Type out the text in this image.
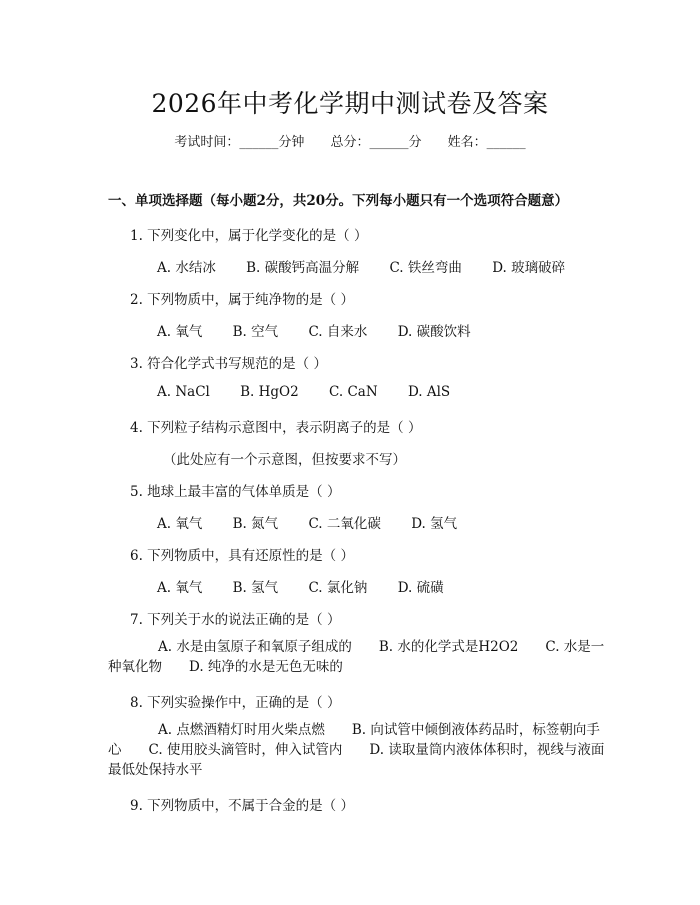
2026年中考化学期中测试卷及答案
考试时间：______分钟 总分：______分 姓名：______
一、单项选择题（每小题2分，共20分。下列每小题只有一个选项符合题意）
1. 下列变化中，属于化学变化的是（ ）
A. 水结冰 B. 碳酸钙高温分解 C. 铁丝弯曲 D. 玻璃破碎
2. 下列物质中，属于纯净物的是（ ）
A. 氧气 B. 空气 C. 自来水 D. 碳酸饮料
3. 符合化学式书写规范的是（ ）
A. NaCl B. HgO2 C. CaN D. AlS
4. 下列粒子结构示意图中，表示阴离子的是（ ）
（此处应有一个示意图，但按要求不写）
5. 地球上最丰富的气体单质是（ ）
A. 氧气 B. 氮气 C. 二氧化碳 D. 氢气
6. 下列物质中，具有还原性的是（ ）
A. 氧气 B. 氢气 C. 氯化钠 D. 硫磺
7. 下列关于水的说法正确的是（ ）
A. 水是由氢原子和氧原子组成的　　B. 水的化学式是H2O2　　C. 水是一种氧化物　　D. 纯净的水是无色无味的
8. 下列实验操作中，正确的是（ ）
A. 点燃酒精灯时用火柴点燃　　B. 向试管中倾倒液体药品时，标签朝向手心　　C. 使用胶头滴管时，伸入试管内　　D. 读取量筒内液体体积时，视线与液面最低处保持水平
9. 下列物质中，不属于合金的是（ ）
